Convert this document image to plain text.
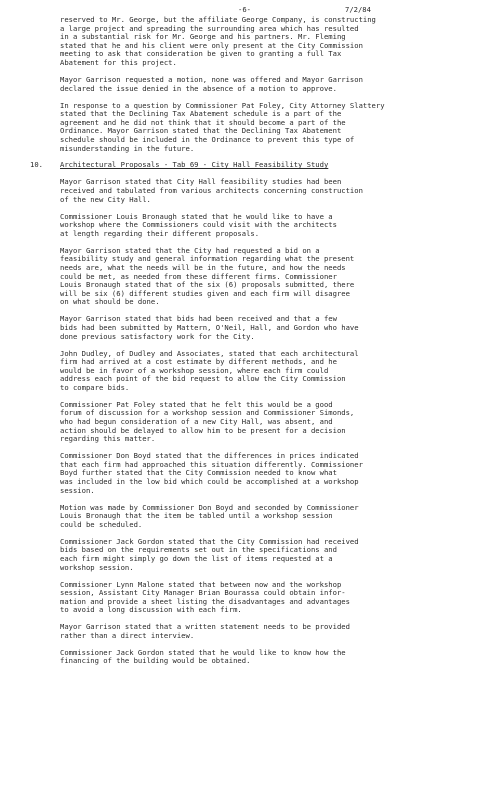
-6-	7/2/84
reserved to Mr. George, but the affiliate George Company, is constructing
a large project and spreading the surrounding area which has resulted
in a substantial risk for Mr. George and his partners. Mr. Fleming
stated that he and his client were only present at the City Commission
meeting to ask that consideration be given to granting a full Tax
Abatement for this project.
Mayor Garrison requested a motion, none was offered and Mayor Garrison
declared the issue denied in the absence of a motion to approve.
In response to a question by Commissioner Pat Foley, City Attorney Slattery
stated that the Declining Tax Abatement schedule is a part of the
agreement and he did not think that it should become a part of the
Ordinance. Mayor Garrison stated that the Declining Tax Abatement
schedule should be included in the Ordinance to prevent this type of
misunderstanding in the future.
10. Architectural Proposals - Tab 69 - City Hall Feasibility Study
Mayor Garrison stated that City Hall feasibility studies had been
received and tabulated from various architects concerning construction
of the new City Hall.
Commissioner Louis Bronaugh stated that he would like to have a
workshop where the Commissioners could visit with the architects
at length regarding their different proposals.
Mayor Garrison stated that the City had requested a bid on a
feasibility study and general information regarding what the present
needs are, what the needs will be in the future, and how the needs
could be met, as needed from these different firms. Commissioner
Louis Bronaugh stated that of the six (6) proposals submitted, there
will be six (6) different studies given and each firm will disagree
on what should be done.
Mayor Garrison stated that bids had been received and that a few
bids had been submitted by Mattern, O'Neil, Hall, and Gordon who have
done previous satisfactory work for the City.
John Dudley, of Dudley and Associates, stated that each architectural
firm had arrived at a cost estimate by different methods, and he
would be in favor of a workshop session, where each firm could
address each point of the bid request to allow the City Commission
to compare bids.
Commissioner Pat Foley stated that he felt this would be a good
forum of discussion for a workshop session and Commissioner Simonds,
who had begun consideration of a new City Hall, was absent, and
action should be delayed to allow him to be present for a decision
regarding this matter.
Commissioner Don Boyd stated that the differences in prices indicated
that each firm had approached this situation differently. Commissioner
Boyd further stated that the City Commission needed to know what
was included in the low bid which could be accomplished at a workshop
session.
Motion was made by Commissioner Don Boyd and seconded by Commissioner
Louis Bronaugh that the item be tabled until a workshop session
could be scheduled.
Commissioner Jack Gordon stated that the City Commission had received
bids based on the requirements set out in the specifications and
each firm might simply go down the list of items requested at a
workshop session.
Commissioner Lynn Malone stated that between now and the workshop
session, Assistant City Manager Brian Bourassa could obtain infor-
mation and provide a sheet listing the disadvantages and advantages
to avoid a long discussion with each firm.
Mayor Garrison stated that a written statement needs to be provided
rather than a direct interview.
Commissioner Jack Gordon stated that he would like to know how the
financing of the building would be obtained.
